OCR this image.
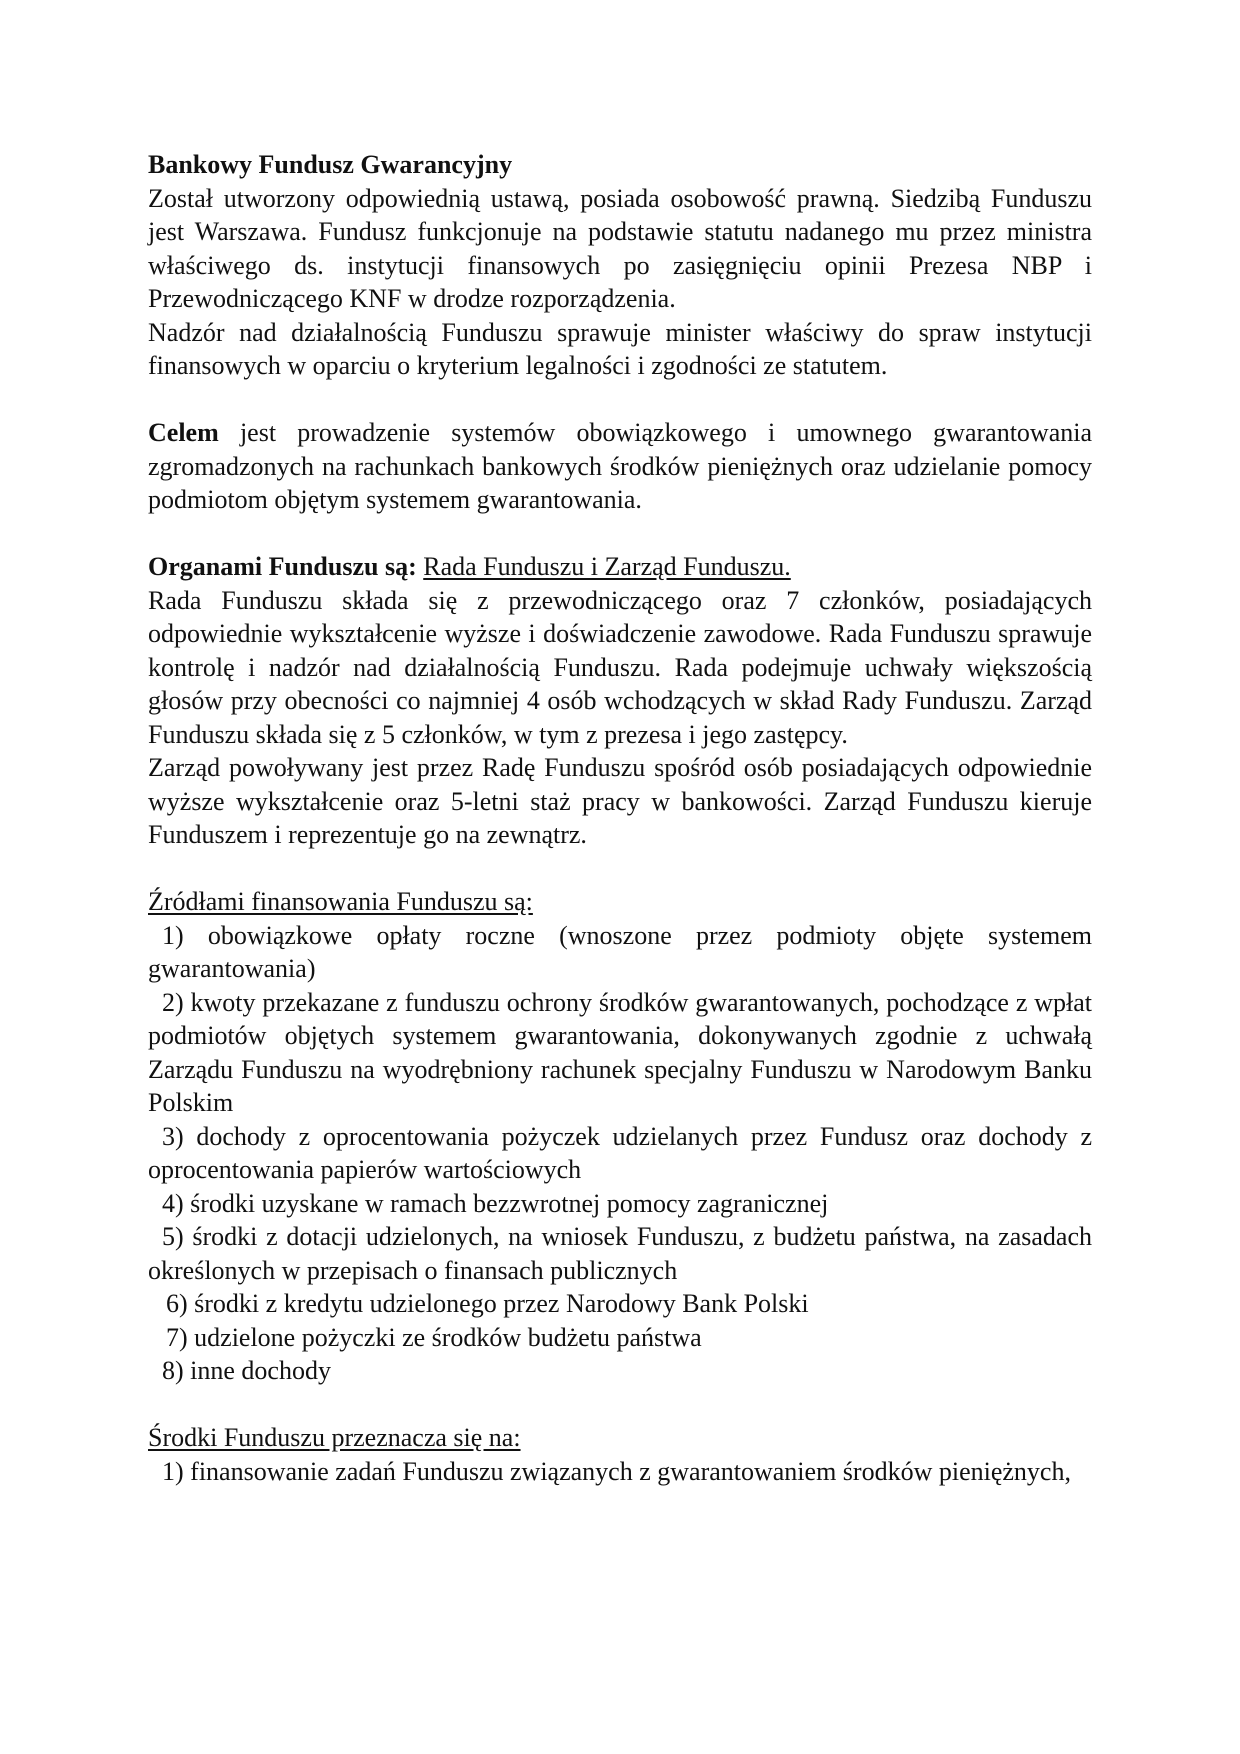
Bankowy Fundusz Gwarancyjny

Został utworzony odpowiednią ustawą, posiada osobowość prawną. Siedzibą Funduszu jest Warszawa. Fundusz funkcjonuje na podstawie statutu nadanego mu przez ministra właściwego ds. instytucji finansowych po zasięgnięciu opinii Prezesa NBP i Przewodniczącego KNF w drodze rozporządzenia.

Nadzór nad działalnością Funduszu sprawuje minister właściwy do spraw instytucji finansowych w oparciu o kryterium legalności i zgodności ze statutem.

Celem jest prowadzenie systemów obowiązkowego i umownego gwarantowania zgromadzonych na rachunkach bankowych środków pieniężnych oraz udzielanie pomocy podmiotom objętym systemem gwarantowania.

Organami Funduszu są: Rada Funduszu i Zarząd Funduszu.

Rada Funduszu składa się z przewodniczącego oraz 7 członków, posiadających odpowiednie wykształcenie wyższe i doświadczenie zawodowe. Rada Funduszu sprawuje kontrolę i nadzór nad działalnością Funduszu. Rada podejmuje uchwały większością głosów przy obecności co najmniej 4 osób wchodzących w skład Rady Funduszu. Zarząd Funduszu składa się z 5 członków, w tym z prezesa i jego zastępcy.

Zarząd powoływany jest przez Radę Funduszu spośród osób posiadających odpowiednie wyższe wykształcenie oraz 5-letni staż pracy w bankowości. Zarząd Funduszu kieruje Funduszem i reprezentuje go na zewnątrz.

Źródłami finansowania Funduszu są:

1) obowiązkowe opłaty roczne (wnoszone przez podmioty objęte systemem gwarantowania)

2) kwoty przekazane z funduszu ochrony środków gwarantowanych, pochodzące z wpłat podmiotów objętych systemem gwarantowania, dokonywanych zgodnie z uchwałą Zarządu Funduszu na wyodrębniony rachunek specjalny Funduszu w Narodowym Banku Polskim

3) dochody z oprocentowania pożyczek udzielanych przez Fundusz oraz dochody z oprocentowania papierów wartościowych

4) środki uzyskane w ramach bezzwrotnej pomocy zagranicznej

5) środki z dotacji udzielonych, na wniosek Funduszu, z budżetu państwa, na zasadach określonych w przepisach o finansach publicznych

6) środki z kredytu udzielonego przez Narodowy Bank Polski

7) udzielone pożyczki ze środków budżetu państwa

8) inne dochody

Środki Funduszu przeznacza się na:

1) finansowanie zadań Funduszu związanych z gwarantowaniem środków pieniężnych,
